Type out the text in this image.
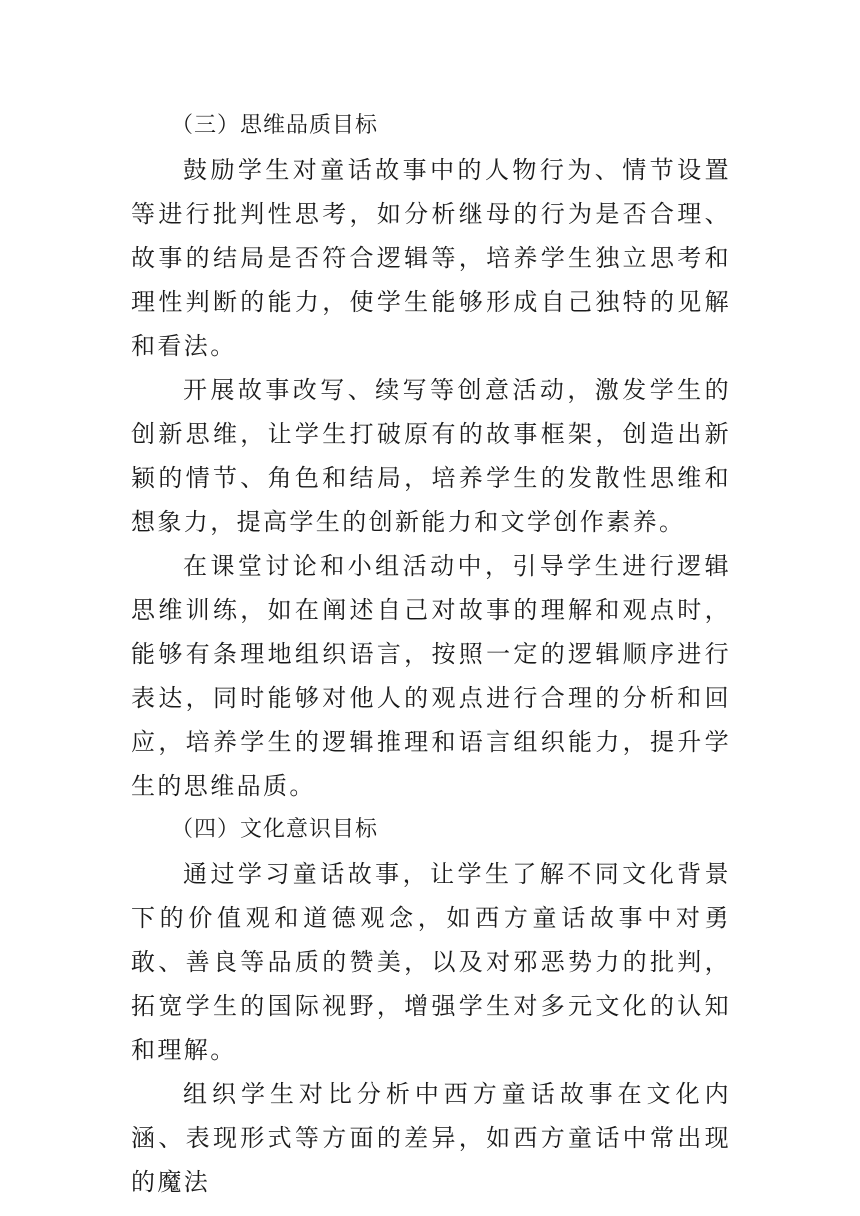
（三）思维品质目标

鼓励学生对童话故事中的人物行为、情节设置等进行批判性思考，如分析继母的行为是否合理、故事的结局是否符合逻辑等，培养学生独立思考和理性判断的能力，使学生能够形成自己独特的见解和看法。

开展故事改写、续写等创意活动，激发学生的创新思维，让学生打破原有的故事框架，创造出新颖的情节、角色和结局，培养学生的发散性思维和想象力，提高学生的创新能力和文学创作素养。

在课堂讨论和小组活动中，引导学生进行逻辑思维训练，如在阐述自己对故事的理解和观点时，能够有条理地组织语言，按照一定的逻辑顺序进行表达，同时能够对他人的观点进行合理的分析和回应，培养学生的逻辑推理和语言组织能力，提升学生的思维品质。

（四）文化意识目标

通过学习童话故事，让学生了解不同文化背景下的价值观和道德观念，如西方童话故事中对勇敢、善良等品质的赞美，以及对邪恶势力的批判，拓宽学生的国际视野，增强学生对多元文化的认知和理解。

组织学生对比分析中西方童话故事在文化内涵、表现形式等方面的差异，如西方童话中常出现的魔法
